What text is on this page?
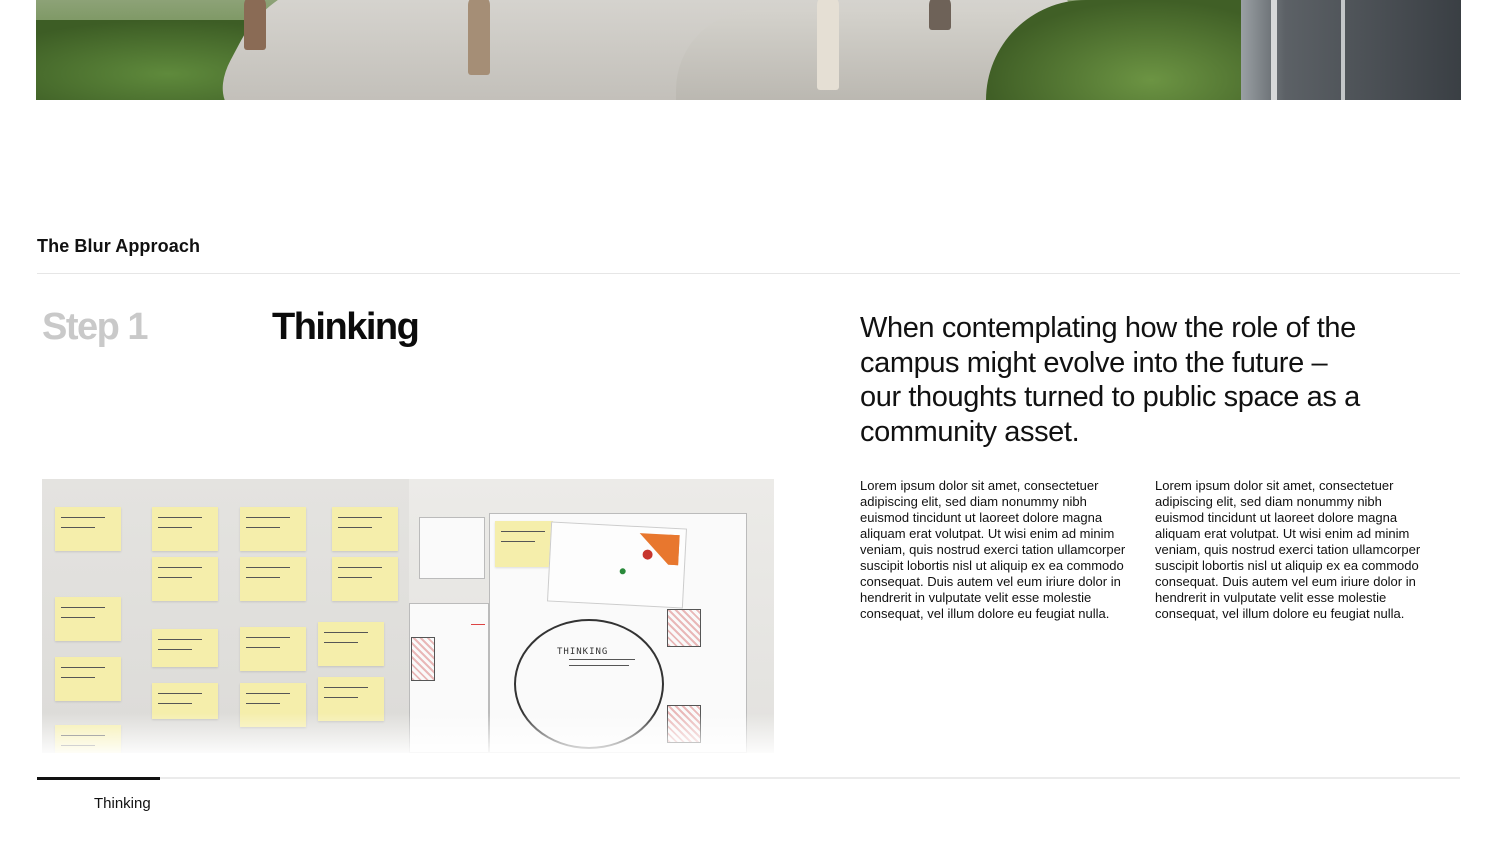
The Blur Approach
Step 1	Thinking	When contemplating how the role of the campus might evolve into the future – our thoughts turned to public space as a community asset.

Lorem ipsum dolor sit amet, consectetuer adipiscing elit, sed diam nonummy nibh euismod tincidunt ut laoreet dolore magna aliquam erat volutpat. Ut wisi enim ad minim veniam, quis nostrud exerci tation ullamcorper suscipit lobortis nisl ut aliquip ex ea commodo consequat. Duis autem vel eum iriure dolor in hendrerit in vulputate velit esse molestie consequat, vel illum dolore eu feugiat nulla.

Lorem ipsum dolor sit amet, consectetuer adipiscing elit, sed diam nonummy nibh euismod tincidunt ut laoreet dolore magna aliquam erat volutpat. Ut wisi enim ad minim veniam, quis nostrud exerci tation ullamcorper suscipit lobortis nisl ut aliquip ex ea commodo consequat. Duis autem vel eum iriure dolor in hendrerit in vulputate velit esse molestie consequat, vel illum dolore eu feugiat nulla.

THINKING
Thinking
